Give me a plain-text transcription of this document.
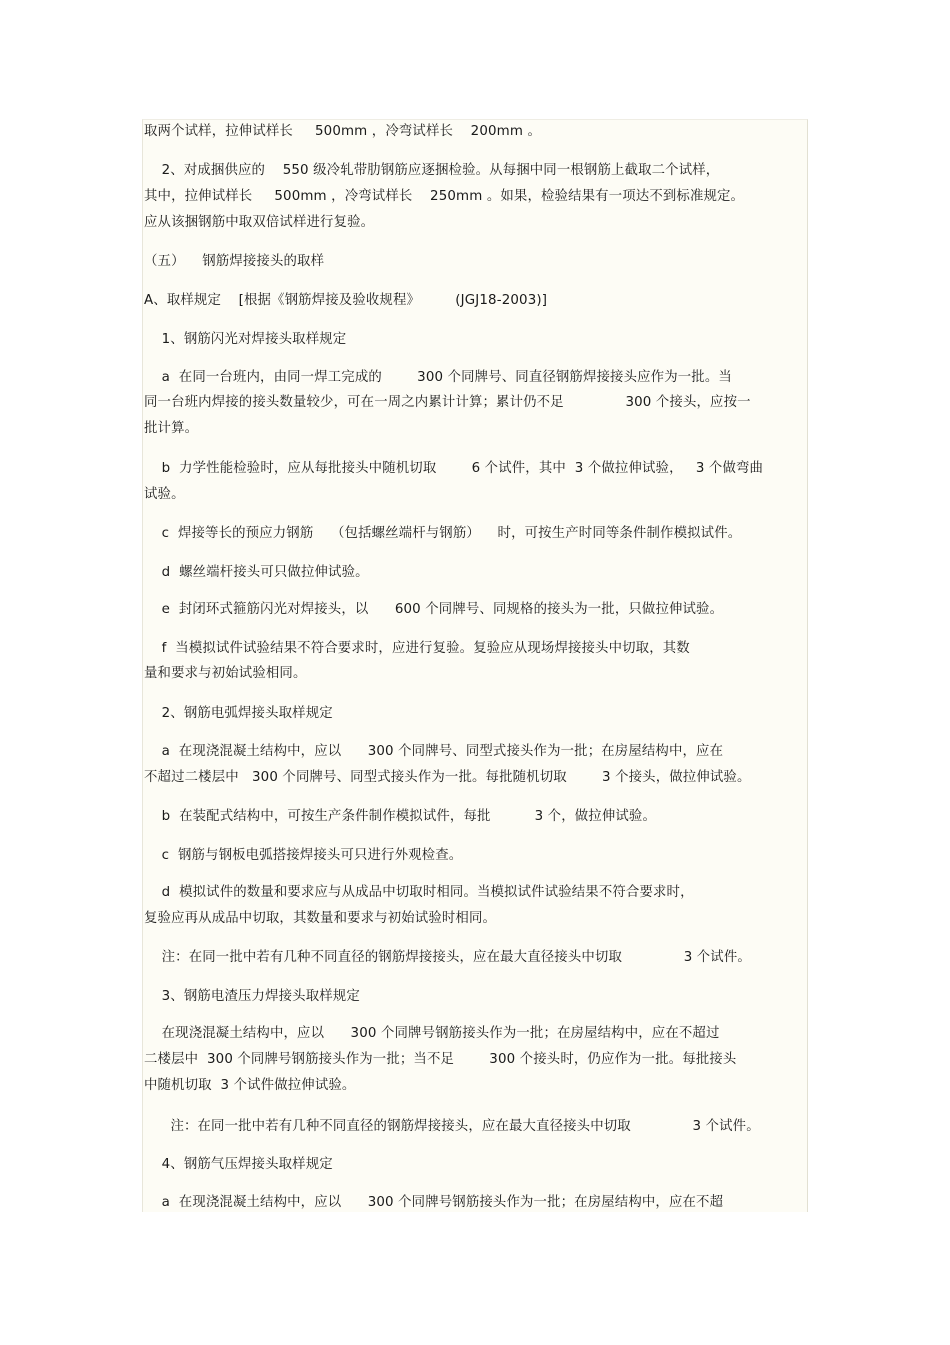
取两个试样，拉伸试样长     500mm ，冷弯试样长    200mm 。
2、对成捆供应的    550 级冷轧带肋钢筋应逐捆检验。从每捆中同一根钢筋上截取二个试样，
其中，拉伸试样长     500mm ，冷弯试样长    250mm 。如果，检验结果有一项达不到标准规定。
应从该捆钢筋中取双倍试样进行复验。
（五）    钢筋焊接接头的取样
A、取样规定    [根据《钢筋焊接及验收规程》        (JGJ18-2003)]
1、钢筋闪光对焊接头取样规定
a  在同一台班内，由同一焊工完成的        300 个同牌号、同直径钢筋焊接接头应作为一批。当
同一台班内焊接的接头数量较少，可在一周之内累计计算；累计仍不足              300 个接头，应按一
批计算。
b  力学性能检验时，应从每批接头中随机切取        6 个试件，其中  3 个做拉伸试验，   3 个做弯曲
试验。
c  焊接等长的预应力钢筋    （包括螺丝端杆与钢筋）    时，可按生产时同等条件制作模拟试件。
d  螺丝端杆接头可只做拉伸试验。
e  封闭环式箍筋闪光对焊接头，以      600 个同牌号、同规格的接头为一批，只做拉伸试验。
f  当模拟试件试验结果不符合要求时，应进行复验。复验应从现场焊接接头中切取，其数
量和要求与初始试验相同。
2、钢筋电弧焊接头取样规定
a  在现浇混凝土结构中，应以      300 个同牌号、同型式接头作为一批；在房屋结构中，应在
不超过二楼层中   300 个同牌号、同型式接头作为一批。每批随机切取        3 个接头，做拉伸试验。
b  在装配式结构中，可按生产条件制作模拟试件，每批          3 个，做拉伸试验。
c  钢筋与钢板电弧搭接焊接头可只进行外观检查。
d  模拟试件的数量和要求应与从成品中切取时相同。当模拟试件试验结果不符合要求时，
复验应再从成品中切取，其数量和要求与初始试验时相同。
注：在同一批中若有几种不同直径的钢筋焊接接头，应在最大直径接头中切取              3 个试件。
3、钢筋电渣压力焊接头取样规定
在现浇混凝土结构中，应以      300 个同牌号钢筋接头作为一批；在房屋结构中，应在不超过
二楼层中  300 个同牌号钢筋接头作为一批；当不足        300 个接头时，仍应作为一批。每批接头
中随机切取  3 个试件做拉伸试验。
注：在同一批中若有几种不同直径的钢筋焊接接头，应在最大直径接头中切取              3 个试件。
4、钢筋气压焊接头取样规定
a  在现浇混凝土结构中，应以      300 个同牌号钢筋接头作为一批；在房屋结构中，应在不超
